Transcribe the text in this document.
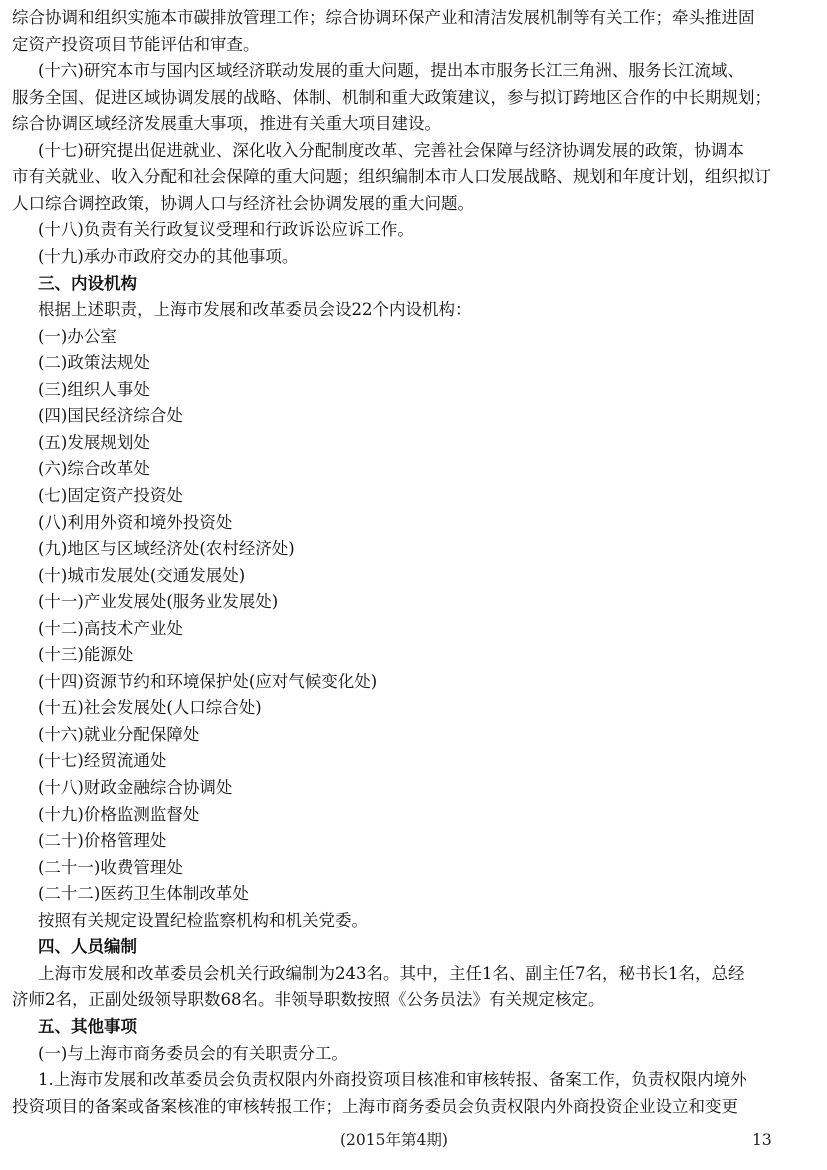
综合协调和组织实施本市碳排放管理工作；综合协调环保产业和清洁发展机制等有关工作；牵头推进固

定资产投资项目节能评估和审查。

(十六)研究本市与国内区域经济联动发展的重大问题，提出本市服务长江三角洲、服务长江流域、

服务全国、促进区域协调发展的战略、体制、机制和重大政策建议，参与拟订跨地区合作的中长期规划；

综合协调区域经济发展重大事项，推进有关重大项目建设。

(十七)研究提出促进就业、深化收入分配制度改革、完善社会保障与经济协调发展的政策，协调本

市有关就业、收入分配和社会保障的重大问题；组织编制本市人口发展战略、规划和年度计划，组织拟订

人口综合调控政策，协调人口与经济社会协调发展的重大问题。

(十八)负责有关行政复议受理和行政诉讼应诉工作。

(十九)承办市政府交办的其他事项。

三、内设机构

根据上述职责，上海市发展和改革委员会设22个内设机构：

(一)办公室

(二)政策法规处

(三)组织人事处

(四)国民经济综合处

(五)发展规划处

(六)综合改革处

(七)固定资产投资处

(八)利用外资和境外投资处

(九)地区与区域经济处(农村经济处)

(十)城市发展处(交通发展处)

(十一)产业发展处(服务业发展处)

(十二)高技术产业处

(十三)能源处

(十四)资源节约和环境保护处(应对气候变化处)

(十五)社会发展处(人口综合处)

(十六)就业分配保障处

(十七)经贸流通处

(十八)财政金融综合协调处

(十九)价格监测监督处

(二十)价格管理处

(二十一)收费管理处

(二十二)医药卫生体制改革处

按照有关规定设置纪检监察机构和机关党委。

四、人员编制

上海市发展和改革委员会机关行政编制为243名。其中，主任1名、副主任7名，秘书长1名，总经

济师2名，正副处级领导职数68名。非领导职数按照《公务员法》有关规定核定。

五、其他事项

(一)与上海市商务委员会的有关职责分工。

1.上海市发展和改革委员会负责权限内外商投资项目核准和审核转报、备案工作，负责权限内境外

投资项目的备案或备案核准的审核转报工作；上海市商务委员会负责权限内外商投资企业设立和变更

(2015年第4期)	13
